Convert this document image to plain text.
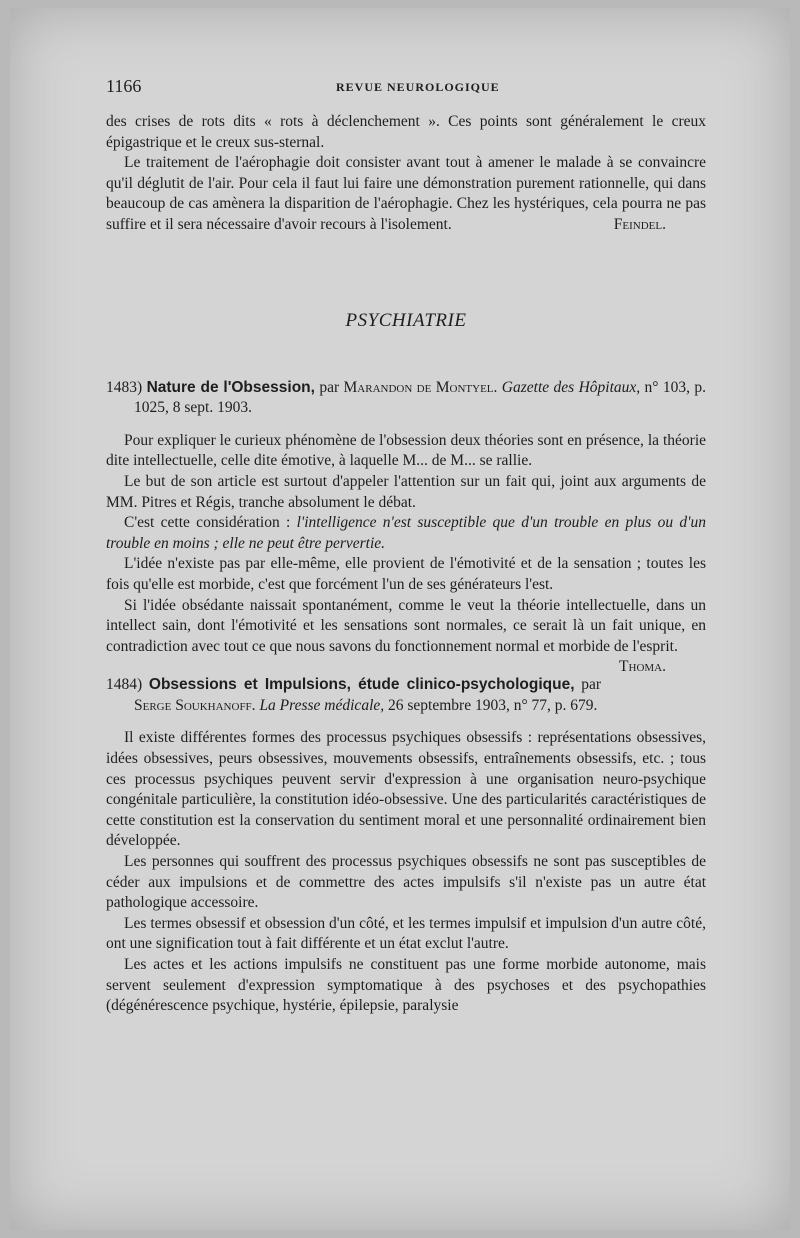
1166	REVUE NEUROLOGIQUE

des crises de rots dits « rots à déclenchement ». Ces points sont généralement le creux épigastrique et le creux sus-sternal.

Le traitement de l'aérophagie doit consister avant tout à amener le malade à se convaincre qu'il déglutit de l'air. Pour cela il faut lui faire une démonstration purement rationnelle, qui dans beaucoup de cas amènera la disparition de l'aérophagie. Chez les hystériques, cela pourra ne pas suffire et il sera nécessaire d'avoir recours à l'isolement.	Feindel.

PSYCHIATRIE

1483) Nature de l'Obsession, par Marandon de Montyel. Gazette des Hôpitaux, n° 103, p. 1025, 8 sept. 1903.

Pour expliquer le curieux phénomène de l'obsession deux théories sont en présence, la théorie dite intellectuelle, celle dite émotive, à laquelle M... de M... se rallie.

Le but de son article est surtout d'appeler l'attention sur un fait qui, joint aux arguments de MM. Pitres et Régis, tranche absolument le débat.

C'est cette considération : l'intelligence n'est susceptible que d'un trouble en plus ou d'un trouble en moins ; elle ne peut être pervertie.

L'idée n'existe pas par elle-même, elle provient de l'émotivité et de la sensation ; toutes les fois qu'elle est morbide, c'est que forcément l'un de ses générateurs l'est.

Si l'idée obsédante naissait spontanément, comme le veut la théorie intellectuelle, dans un intellect sain, dont l'émotivité et les sensations sont normales, ce serait là un fait unique, en contradiction avec tout ce que nous savons du fonctionnement normal et morbide de l'esprit.
Thoma.

1484) Obsessions et Impulsions, étude clinico-psychologique, par Serge Soukhanoff. La Presse médicale, 26 septembre 1903, n° 77, p. 679.

Il existe différentes formes des processus psychiques obsessifs : représentations obsessives, idées obsessives, peurs obsessives, mouvements obsessifs, entraînements obsessifs, etc. ; tous ces processus psychiques peuvent servir d'expression à une organisation neuro-psychique congénitale particulière, la constitution idéo-obsessive. Une des particularités caractéristiques de cette constitution est la conservation du sentiment moral et une personnalité ordinairement bien développée.

Les personnes qui souffrent des processus psychiques obsessifs ne sont pas susceptibles de céder aux impulsions et de commettre des actes impulsifs s'il n'existe pas un autre état pathologique accessoire.

Les termes obsessif et obsession d'un côté, et les termes impulsif et impulsion d'un autre côté, ont une signification tout à fait différente et un état exclut l'autre.

Les actes et les actions impulsifs ne constituent pas une forme morbide autonome, mais servent seulement d'expression symptomatique à des psychoses et des psychopathies (dégénérescence psychique, hystérie, épilepsie, paralysie
